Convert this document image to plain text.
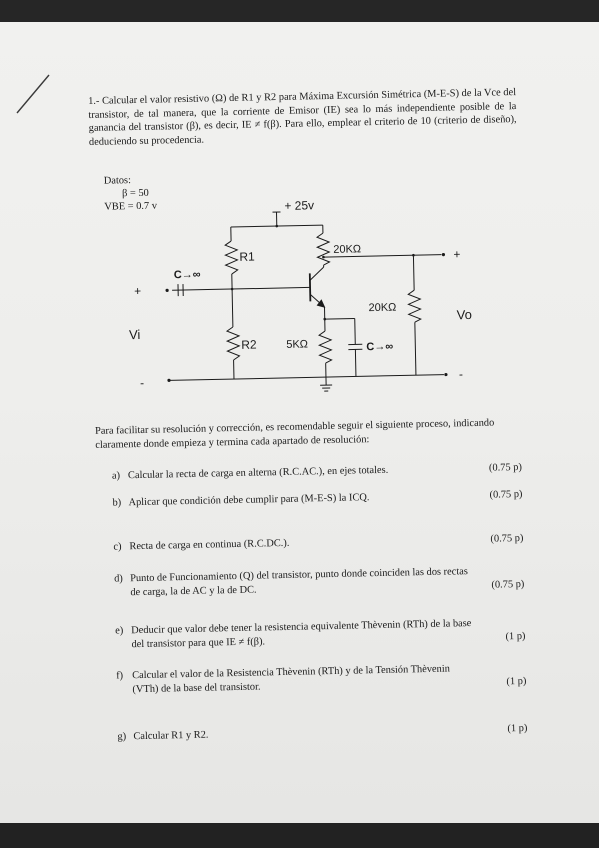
1.- Calcular el valor resistivo (Ω) de R1 y R2 para Máxima Excursión Simétrica (M-E-S) de la Vce del transistor, de tal manera, que la corriente de Emisor (IE) sea lo más independiente posible de la ganancia del transistor (β), es decir, IE ≠ f(β). Para ello, emplear el criterio de 10 (criterio de diseño), deduciendo su procedencia.
Datos:
β = 50
VBE = 0.7 v	+ 25v
R1
R2
20KΩ
5KΩ
20KΩ
C→∞
C→∞
Vi
Vo
+
-
+
-
Para facilitar su resolución y corrección, es recomendable seguir el siguiente proceso, indicando claramente donde empieza y termina cada apartado de resolución:
a) Calcular la recta de carga en alterna (R.C.AC.), en ejes totales.	(0.75 p)
b) Aplicar que condición debe cumplir para (M-E-S) la ICQ.	(0.75 p)
c) Recta de carga en continua (R.C.DC.).	(0.75 p)
d) Punto de Funcionamiento (Q) del transistor, punto donde coinciden las dos rectas de carga, la de AC y la de DC.	(0.75 p)
e) Deducir que valor debe tener la resistencia equivalente Thèvenin (RTh) de la base del transistor para que IE ≠ f(β).	(1 p)
f) Calcular el valor de la Resistencia Thèvenin (RTh) y de la Tensión Thèvenin (VTh) de la base del transistor.	(1 p)
g) Calcular R1 y R2.
(1 p)
